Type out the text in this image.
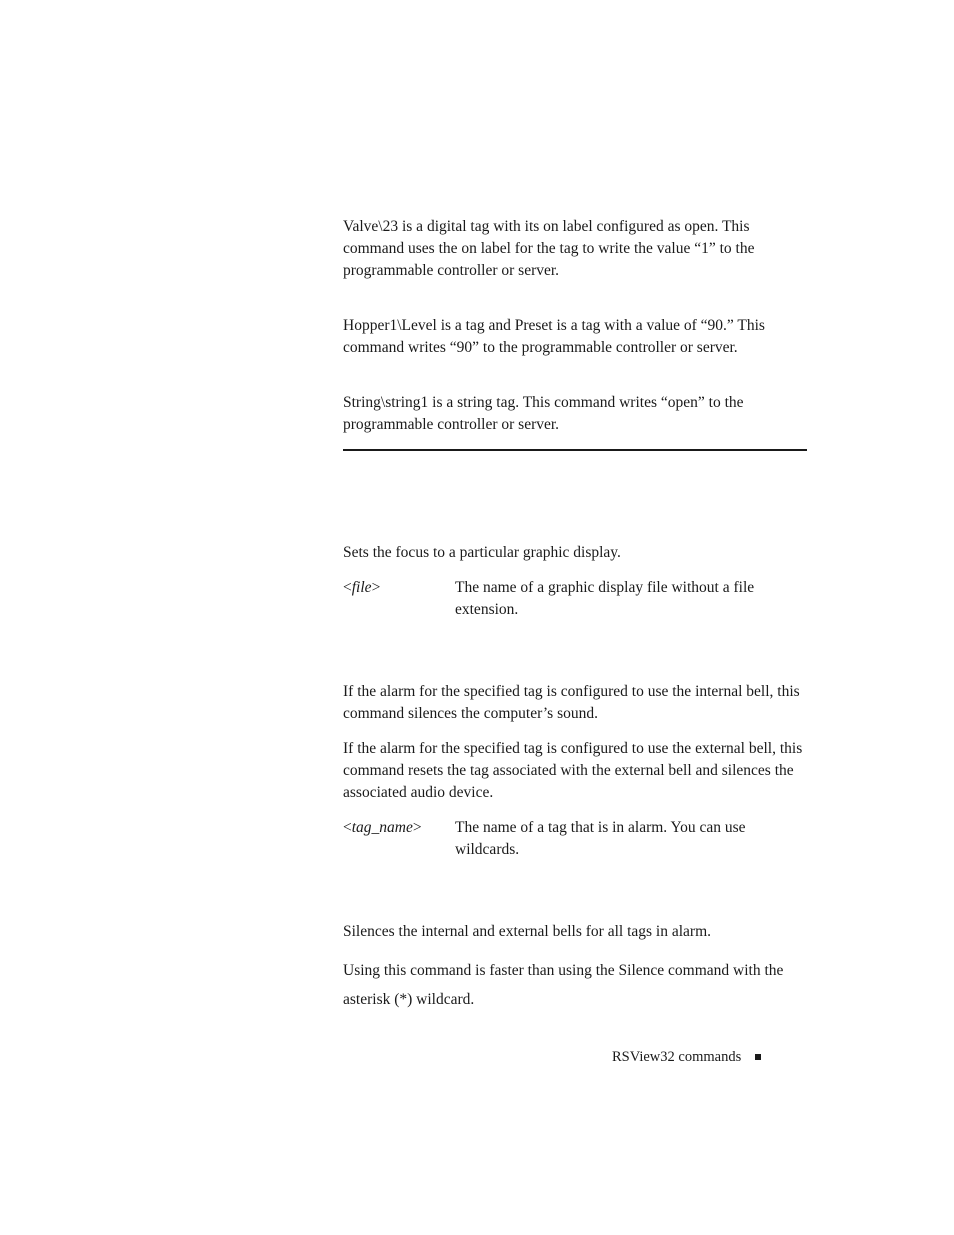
Valve\23 is a digital tag with its on label configured as open. This command uses the on label for the tag to write the value “1” to the programmable controller or server.

Hopper1\Level is a tag and Preset is a tag with a value of “90.” This command writes “90” to the programmable controller or server.

String\string1 is a string tag. This command writes “open” to the programmable controller or server.

Sets the focus to a particular graphic display.

<file>	The name of a graphic display file without a file extension.

If the alarm for the specified tag is configured to use the internal bell, this command silences the computer’s sound.

If the alarm for the specified tag is configured to use the external bell, this command resets the tag associated with the external bell and silences the associated audio device.

<tag_name> The name of a tag that is in alarm. You can use wildcards.

Silences the internal and external bells for all tags in alarm.

Using this command is faster than using the Silence command with the asterisk (*) wildcard.

RSView32 commands
